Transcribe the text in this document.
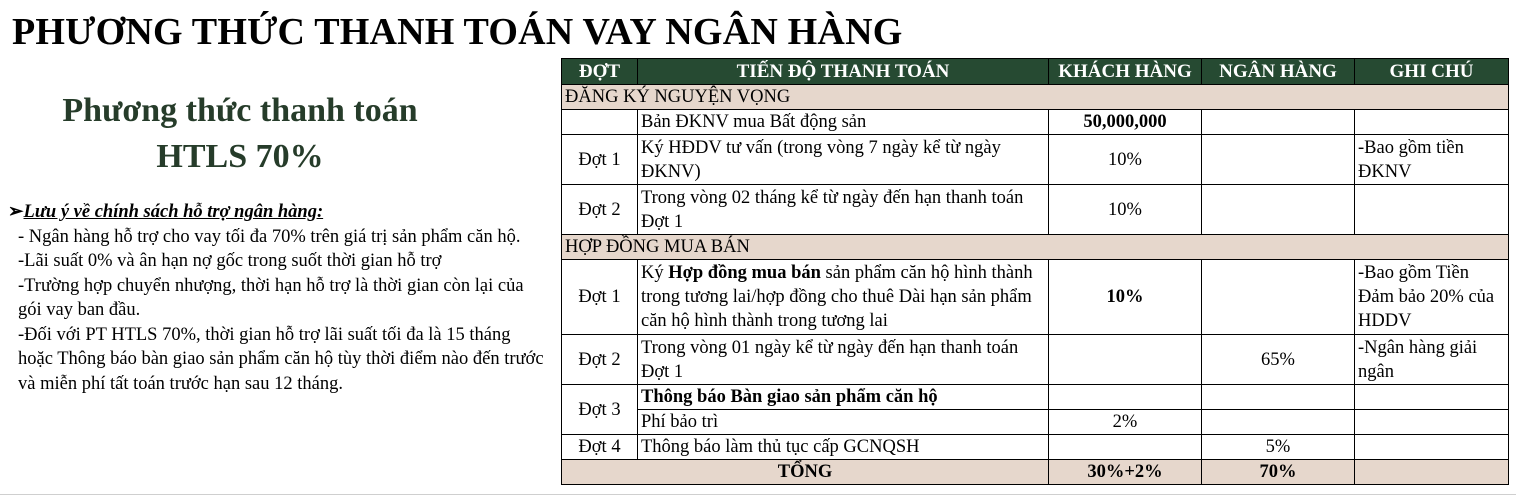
PHƯƠNG THỨC THANH TOÁN VAY NGÂN HÀNG
Phương thức thanh toán
HTLS 70%
➢Lưu ý về chính sách hỗ trợ ngân hàng:

- Ngân hàng hỗ trợ cho vay tối đa 70% trên giá trị sản phẩm căn hộ.

-Lãi suất 0% và ân hạn nợ gốc trong suốt thời gian hỗ trợ

-Trường hợp chuyển nhượng, thời hạn hỗ trợ là thời gian còn lại của gói vay ban đầu.

-Đối với PT HTLS 70%, thời gian hỗ trợ lãi suất tối đa là 15 tháng hoặc Thông báo bàn giao sản phẩm căn hộ tùy thời điểm nào đến trước và miễn phí tất toán trước hạn sau 12 tháng.

ĐỢT	TIẾN ĐỘ THANH TOÁN	KHÁCH HÀNG	NGÂN HÀNG	GHI CHÚ
ĐĂNG KÝ NGUYỆN VỌNG				
	Bản ĐKNV mua Bất động sản	50,000,000		
Đợt 1	Ký HĐDV tư vấn (trong vòng 7 ngày kể từ ngày ĐKNV)	10%		-Bao gồm tiền ĐKNV
Đợt 2	Trong vòng 02 tháng kể từ ngày đến hạn thanh toán Đợt 1	10%		
HỢP ĐỒNG MUA BÁN				
Đợt 1	Ký Hợp đồng mua bán sản phẩm căn hộ hình thành trong tương lai/hợp đồng cho thuê Dài hạn sản phẩm căn hộ hình thành trong tương lai	10%		-Bao gồm Tiền Đảm bảo 20% của HDDV
Đợt 2	Trong vòng 01 ngày kể từ ngày đến hạn thanh toán Đợt 1		65%	-Ngân hàng giải ngân
Đợt 3	Thông báo Bàn giao sản phẩm căn hộ			
	Phí bảo trì	2%		
Đợt 4	Thông báo làm thủ tục cấp GCNQSH		5%	
TỔNG		30%+2%	70%	
